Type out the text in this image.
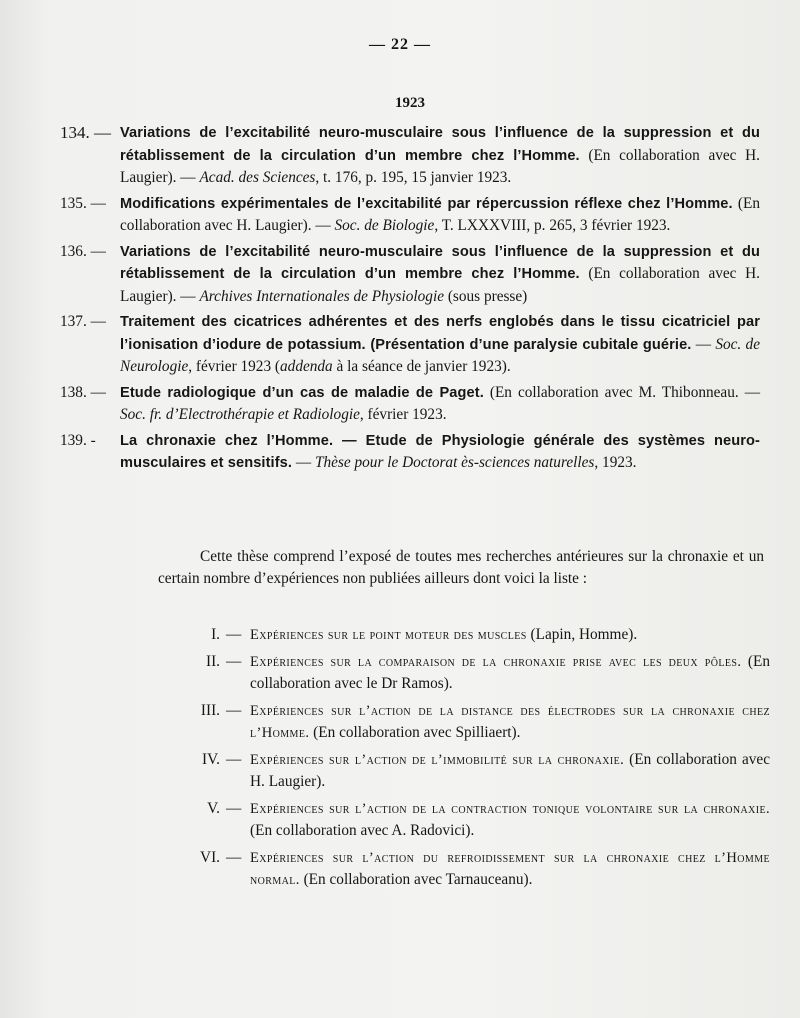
— 22 —
1923
134. — Variations de l’excitabilité neuro-musculaire sous l’influence de la suppression et du rétablissement de la circulation d’un membre chez l’Homme. (En collaboration avec H. Laugier). — Acad. des Sciences, t. 176, p. 195, 15 janvier 1923.
135. — Modifications expérimentales de l’excitabilité par répercussion réflexe chez l’Homme. (En collaboration avec H. Laugier). — Soc. de Biologie, T. LXXXVIII, p. 265, 3 février 1923.
136. — Variations de l’excitabilité neuro-musculaire sous l’influence de la suppression et du rétablissement de la circulation d’un membre chez l’Homme. (En collaboration avec H. Laugier). — Archives Internationales de Physiologie (sous presse)
137. — Traitement des cicatrices adhérentes et des nerfs englobés dans le tissu cicatriciel par l’ionisation d’iodure de potassium. (Présentation d’une paralysie cubitale guérie. — Soc. de Neurologie, février 1923 (addenda à la séance de janvier 1923).
138. — Etude radiologique d’un cas de maladie de Paget. (En collaboration avec M. Thibonneau. — Soc. fr. d’Electrothérapie et Radiologie, février 1923.
139. -	La chronaxie chez l’Homme. — Etude de Physiologie générale des systèmes neuro-musculaires et sensitifs. — Thèse pour le Doctorat ès-sciences naturelles, 1923.

Cette thèse comprend l’exposé de toutes mes recherches antérieures sur la chronaxie et un certain nombre d’expériences non publiées ailleurs dont voici la liste :

I. — Expériences sur le point moteur des muscles (Lapin, Homme).
II. — Expériences sur la comparaison de la chronaxie prise avec les deux pôles. (En collaboration avec le Dr Ramos).
III. — Expériences sur l’action de la distance des électrodes sur la chronaxie chez l’Homme. (En collaboration avec Spilliaert).
IV. — Expériences sur l’action de l’immobilité sur la chronaxie. (En collaboration avec H. Laugier).
V. — Expériences sur l’action de la contraction tonique volontaire sur la chronaxie. (En collaboration avec A. Radovici).
VI. — Expériences sur l’action du refroidissement sur la chronaxie chez l’Homme normal. (En collaboration avec Tarnauceanu).
